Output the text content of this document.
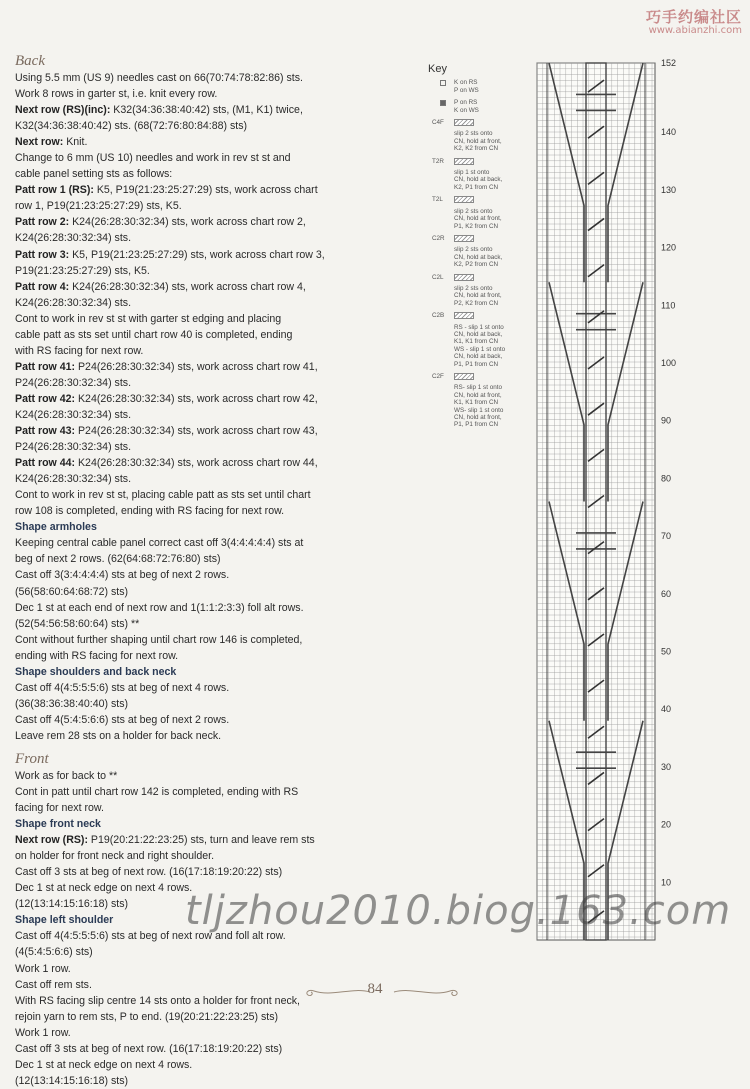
巧手约编社区
www.abianzhi.com
Back

Using 5.5 mm (US 9) needles cast on 66(70:74:78:82:86) sts.

Work 8 rows in garter st, i.e. knit every row.

Next row (RS)(inc): K32(34:36:38:40:42) sts, (M1, K1) twice,

K32(34:36:38:40:42) sts. (68(72:76:80:84:88) sts)

Next row: Knit.

Change to 6 mm (US 10) needles and work in rev st st and

cable panel setting sts as follows:

Patt row 1 (RS): K5, P19(21:23:25:27:29) sts, work across chart

row 1, P19(21:23:25:27:29) sts, K5.

Patt row 2: K24(26:28:30:32:34) sts, work across chart row 2,

K24(26:28:30:32:34) sts.

Patt row 3: K5, P19(21:23:25:27:29) sts, work across chart row 3,

P19(21:23:25:27:29) sts, K5.

Patt row 4: K24(26:28:30:32:34) sts, work across chart row 4,

K24(26:28:30:32:34) sts.

Cont to work in rev st st with garter st edging and placing

cable patt as sts set until chart row 40 is completed, ending

with RS facing for next row.

Patt row 41: P24(26:28:30:32:34) sts, work across chart row 41,

P24(26:28:30:32:34) sts.

Patt row 42: K24(26:28:30:32:34) sts, work across chart row 42,

K24(26:28:30:32:34) sts.

Patt row 43: P24(26:28:30:32:34) sts, work across chart row 43,

P24(26:28:30:32:34) sts.

Patt row 44: K24(26:28:30:32:34) sts, work across chart row 44,

K24(26:28:30:32:34) sts.

Cont to work in rev st st, placing cable patt as sts set until chart

row 108 is completed, ending with RS facing for next row.

Shape armholes

Keeping central cable panel correct cast off 3(4:4:4:4:4) sts at

beg of next 2 rows. (62(64:68:72:76:80) sts)

Cast off 3(3:4:4:4:4) sts at beg of next 2 rows.

(56(58:60:64:68:72) sts)

Dec 1 st at each end of next row and 1(1:1:2:3:3) foll alt rows.

(52(54:56:58:60:64) sts) **

Cont without further shaping until chart row 146 is completed,

ending with RS facing for next row.

Shape shoulders and back neck

Cast off 4(4:5:5:5:6) sts at beg of next 4 rows.

(36(38:36:38:40:40) sts)

Cast off 4(5:4:5:6:6) sts at beg of next 2 rows.

Leave rem 28 sts on a holder for back neck.

Front

Work as for back to **

Cont in patt until chart row 142 is completed, ending with RS

facing for next row.

Shape front neck

Next row (RS): P19(20:21:22:23:25) sts, turn and leave rem sts

on holder for front neck and right shoulder.

Cast off 3 sts at beg of next row. (16(17:18:19:20:22) sts)

Dec 1 st at neck edge on next 4 rows.

(12(13:14:15:16:18) sts)

Shape left shoulder

Cast off 4(4:5:5:5:6) sts at beg of next row and foll alt row.

(4(5:4:5:6:6) sts)

Work 1 row.

Cast off rem sts.

With RS facing slip centre 14 sts onto a holder for front neck,

rejoin yarn to rem sts, P to end. (19(20:21:22:23:25) sts)

Work 1 row.

Cast off 3 sts at beg of next row. (16(17:18:19:20:22) sts)

Dec 1 st at neck edge on next 4 rows.

(12(13:14:15:16:18) sts)

Key
K on RS
P on WS
P on RS
K on WS
C4F
slip 2 sts onto
CN, hold at front,
K2, K2 from CN
T2R
slip 1 st onto
CN, hold at back,
K2, P1 from CN
T2L
slip 2 sts onto
CN, hold at front,
P1, K2 from CN
C2R
slip 2 sts onto
CN, hold at back,
K2, P2 from CN
C2L
slip 2 sts onto
CN, hold at front,
P2, K2 from CN
C2B
RS - slip 1 st onto
CN, hold at back,
K1, K1 from CN
WS - slip 1 st onto
CN, hold at back,
P1, P1 from CN
C2F
RS- slip 1 st onto
CN, hold at front,
K1, K1 from CN
WS- slip 1 st onto
CN, hold at front,
P1, P1 from CN
152
140
130
120
110
100
90
80
70
60
50
40
30
20
10
tljzhou2010.biog.163.com
84
